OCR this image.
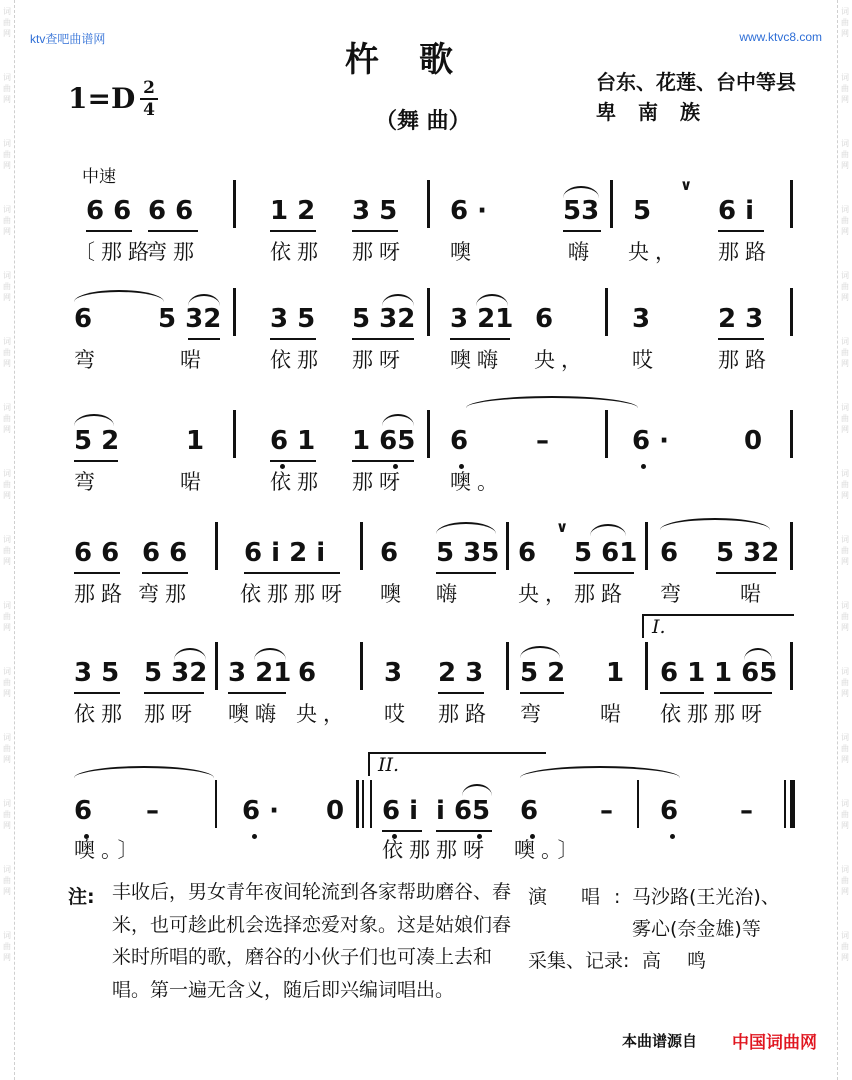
词
曲
网
词
曲
网
词
曲
网
词
曲
网
词
曲
网
词
曲
网
词
曲
网
词
曲
网
词
曲
网
词
曲
网
词
曲
网
词
曲
网
词
曲
网
词
曲
网
词
曲
网
词
曲
网
词
曲
网
词
曲
网
词
曲
网
词
曲
网
词
曲
网
词
曲
网
词
曲
网
词
曲
网
词
曲
网
词
曲
网
词
曲
网
词
曲
网
词
曲
网
词
曲
网
ktv查吧曲谱网	www.ktvc8.com
杵歌
（舞 曲）
1=D 2
4
台东、花莲、台中等县
卑南族
中速
6 6 6 6	1 2 3 5 6 ·	53 5	6 i
∨
〔那路
弯那	依那 那呀 噢	嗨 央， 那路
6	5 32 3 5 5 32 3 21 6	3	2 3
弯	啱	依那 那呀 噢嗨 央， 哎	那路
5 2	1	6 1 1 65 6	–	6 ·	0
弯	啱	依那 那呀 噢。
6 6 6 6 6 i 2 i 6 5 35 6 5 61 6 5 32
∨
那路 弯那 依那那呀 噢 嗨	央， 那路 弯	啱
I.
3 5 5 32 3 21 6	3 2 3 5 2 1 6 1 1 65
依那 那呀 噢嗨 央， 哎 那路 弯	啱 依那那呀
II.
6 –	6 · 0 6 i i 65 6 – 6 –
噢。〕	依那那呀 噢。〕
注: 丰收后，男女青年夜间轮流到各家帮助磨谷、舂米，也可趁此机会选择恋爱对象。这是姑娘们舂米时所唱的歌，磨谷的小伙子们也可凑上去和唱。第一遍无含义，随后即兴编词唱出。
演 唱:
马沙路(王光治)、
雾心(奈金雄)等
采集、记录: 高 鸣
本曲谱源自 中国词曲网
